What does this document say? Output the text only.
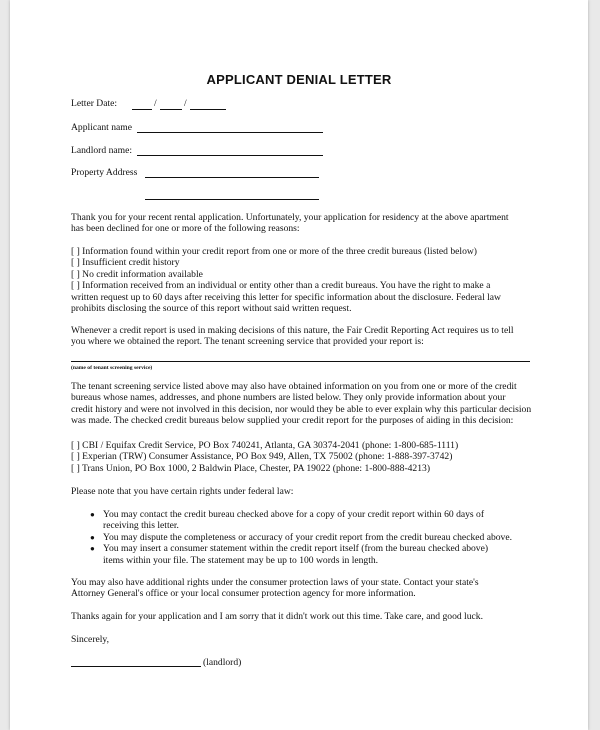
APPLICANT DENIAL LETTER
Letter Date:	/	/
Applicant name
Landlord name:
Property Address
Thank you for your recent rental application. Unfortunately, your application for residency at the above apartment
has been declined for one or more of the following reasons:
[ ] Information found within your credit report from one or more of the three credit bureaus (listed below)
[ ] Insufficient credit history
[ ] No credit information available
[ ] Information received from an individual or entity other than a credit bureaus. You have the right to make a
written request up to 60 days after receiving this letter for specific information about the disclosure. Federal law
prohibits disclosing the source of this report without said written request.
Whenever a credit report is used in making decisions of this nature, the Fair Credit Reporting Act requires us to tell
you where we obtained the report. The tenant screening service that provided your report is:
(name of tenant screening service)
The tenant screening service listed above may also have obtained information on you from one or more of the credit
bureaus whose names, addresses, and phone numbers are listed below. They only provide information about your
credit history and were not involved in this decision, nor would they be able to ever explain why this particular decision
was made. The checked credit bureaus below supplied your credit report for the purposes of aiding in this decision:
[ ] CBI / Equifax Credit Service, PO Box 740241, Atlanta, GA 30374-2041 (phone: 1-800-685-1111)
[ ] Experian (TRW) Consumer Assistance, PO Box 949, Allen, TX 75002 (phone: 1-888-397-3742)
[ ] Trans Union, PO Box 1000, 2 Baldwin Place, Chester, PA 19022 (phone: 1-800-888-4213)
Please note that you have certain rights under federal law:
● You may contact the credit bureau checked above for a copy of your credit report within 60 days of
receiving this letter.
● You may dispute the completeness or accuracy of your credit report from the credit bureau checked above.
● You may insert a consumer statement within the credit report itself (from the bureau checked above)
items within your file. The statement may be up to 100 words in length.
You may also have additional rights under the consumer protection laws of your state. Contact your state's
Attorney General's office or your local consumer protection agency for more information.
Thanks again for your application and I am sorry that it didn't work out this time. Take care, and good luck.
Sincerely,
(landlord)
